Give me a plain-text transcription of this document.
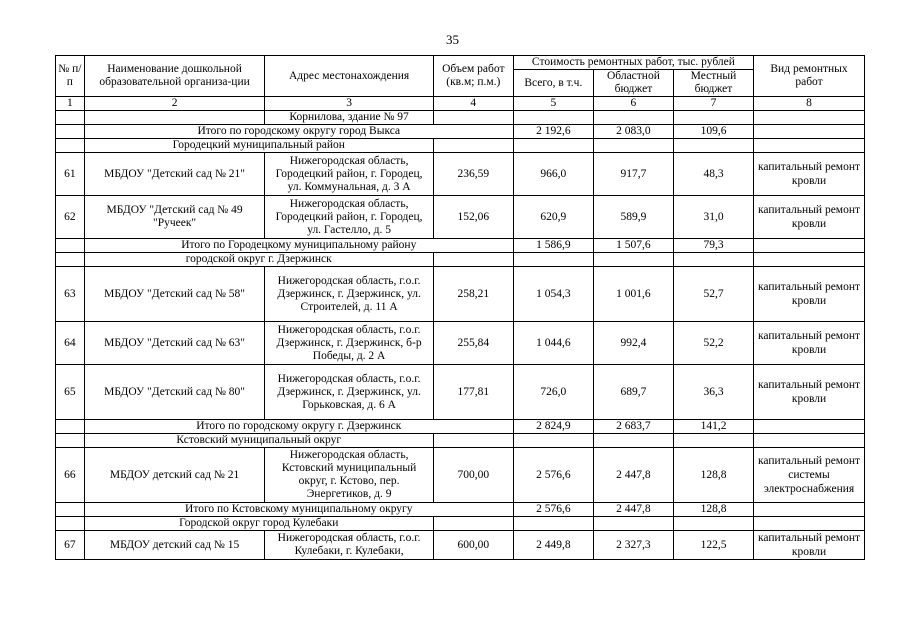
35
№ п/п	Наименование дошкольной образовательной организа-ции	Адрес местонахождения	Объем работ (кв.м; п.м.)	Стоимость ремонтных работ, тыс. рублей			Вид ремонтных работ
				Всего, в т.ч.	Областной бюджет	Местный бюджет	
1	2	3	4	5	6	7	8
		Корнилова, здание № 97					
	Итого по городскому округу город Выкса			2 192,6	2 083,0	109,6	
	Городецкий муниципальный район						
61	МБДОУ "Детский сад № 21"	Нижегородская область, Городецкий район, г. Городец, ул. Коммунальная, д. 3 А	236,59	966,0	917,7	48,3	капитальный ремонт кровли
62	МБДОУ "Детский сад № 49 "Ручеек"	Нижегородская область, Городецкий район, г. Городец, ул. Гастелло, д. 5	152,06	620,9	589,9	31,0	капитальный ремонт кровли
	Итого по Городецкому муниципальному району			1 586,9	1 507,6	79,3	
	городской округ г. Дзержинск						
63	МБДОУ "Детский сад № 58"	Нижегородская область, г.о.г. Дзержинск, г. Дзержинск, ул. Строителей, д. 11 А	258,21	1 054,3	1 001,6	52,7	капитальный ремонт кровли
64	МБДОУ "Детский сад № 63"	Нижегородская область, г.о.г. Дзержинск, г. Дзержинск, б-р Победы, д. 2 А	255,84	1 044,6	992,4	52,2	капитальный ремонт кровли
65	МБДОУ "Детский сад № 80"	Нижегородская область, г.о.г. Дзержинск, г. Дзержинск, ул. Горьковская, д. 6 А	177,81	726,0	689,7	36,3	капитальный ремонт кровли
	Итого по городскому округу г. Дзержинск			2 824,9	2 683,7	141,2	
	Кстовский муниципальный округ						
66	МБДОУ детский сад № 21	Нижегородская область, Кстовский муниципальный округ, г. Кстово, пер. Энергетиков, д. 9	700,00	2 576,6	2 447,8	128,8	капитальный ремонт системы электроснабжения
	Итого по Кстовскому муниципальному округу			2 576,6	2 447,8	128,8	
	Городской округ город Кулебаки						
67	МБДОУ детский сад № 15	Нижегородская область, г.о.г. Кулебаки, г. Кулебаки,	600,00	2 449,8	2 327,3	122,5	капитальный ремонт кровли
